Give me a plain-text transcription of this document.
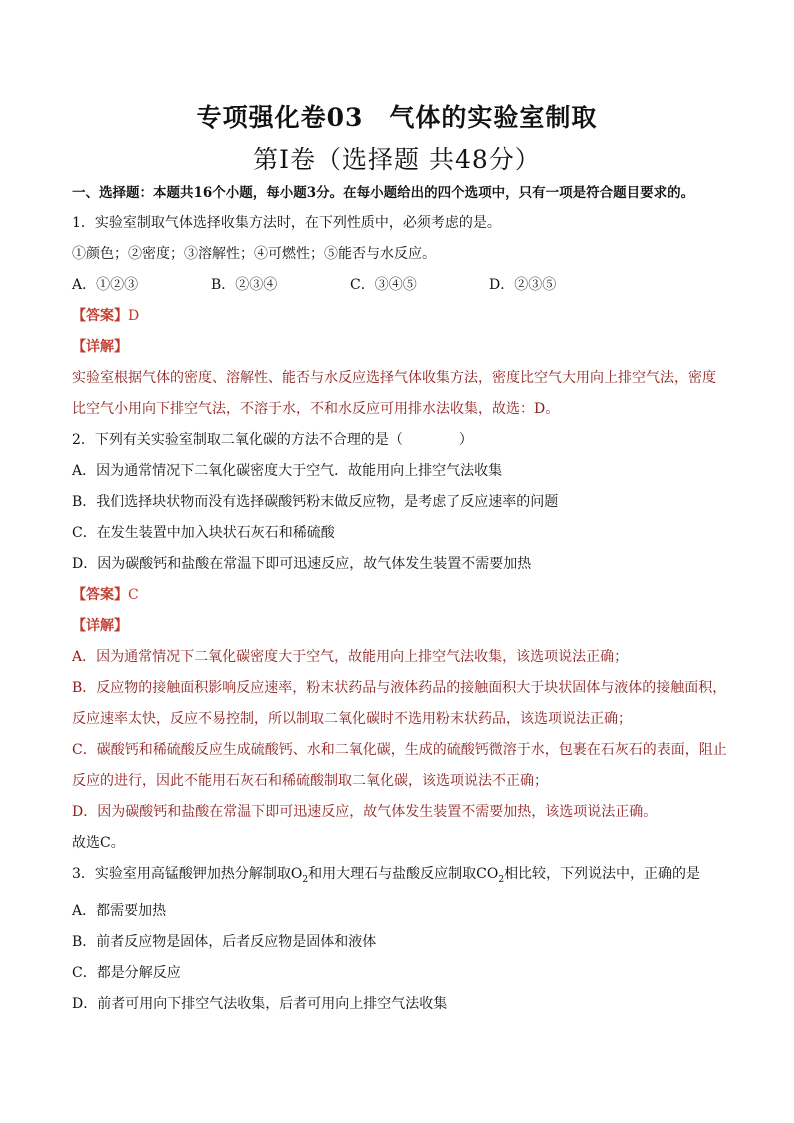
专项强化卷03　气体的实验室制取
第Ⅰ卷（选择题 共48分）

一、选择题：本题共16个小题，每小题3分。在每小题给出的四个选项中，只有一项是符合题目要求的。

1．实验室制取气体选择收集方法时，在下列性质中，必须考虑的是。

①颜色；②密度；③溶解性；④可燃性；⑤能否与水反应。

A．①②③	B．②③④	C．③④⑤	D．②③⑤

【答案】D

【详解】

实验室根据气体的密度、溶解性、能否与水反应选择气体收集方法，密度比空气大用向上排空气法，密度

比空气小用向下排空气法，不溶于水，不和水反应可用排水法收集，故选：D。

2．下列有关实验室制取二氧化碳的方法不合理的是（　　　　）

A．因为通常情况下二氧化碳密度大于空气．故能用向上排空气法收集

B．我们选择块状物而没有选择碳酸钙粉末做反应物，是考虑了反应速率的问题

C．在发生装置中加入块状石灰石和稀硫酸

D．因为碳酸钙和盐酸在常温下即可迅速反应，故气体发生装置不需要加热

【答案】C

【详解】

A．因为通常情况下二氧化碳密度大于空气，故能用向上排空气法收集，该选项说法正确；

B．反应物的接触面积影响反应速率，粉末状药品与液体药品的接触面积大于块状固体与液体的接触面积，

反应速率太快，反应不易控制，所以制取二氧化碳时不选用粉末状药品，该选项说法正确；

C．碳酸钙和稀硫酸反应生成硫酸钙、水和二氧化碳，生成的硫酸钙微溶于水，包裹在石灰石的表面，阻止

反应的进行，因此不能用石灰石和稀硫酸制取二氧化碳，该选项说法不正确；

D．因为碳酸钙和盐酸在常温下即可迅速反应，故气体发生装置不需要加热，该选项说法正确。

故选C。

3．实验室用高锰酸钾加热分解制取$O_2$和用大理石与盐酸反应制取$CO_2$相比较，下列说法中，正确的是

A．都需要加热

B．前者反应物是固体，后者反应物是固体和液体

C．都是分解反应

D．前者可用向下排空气法收集，后者可用向上排空气法收集
